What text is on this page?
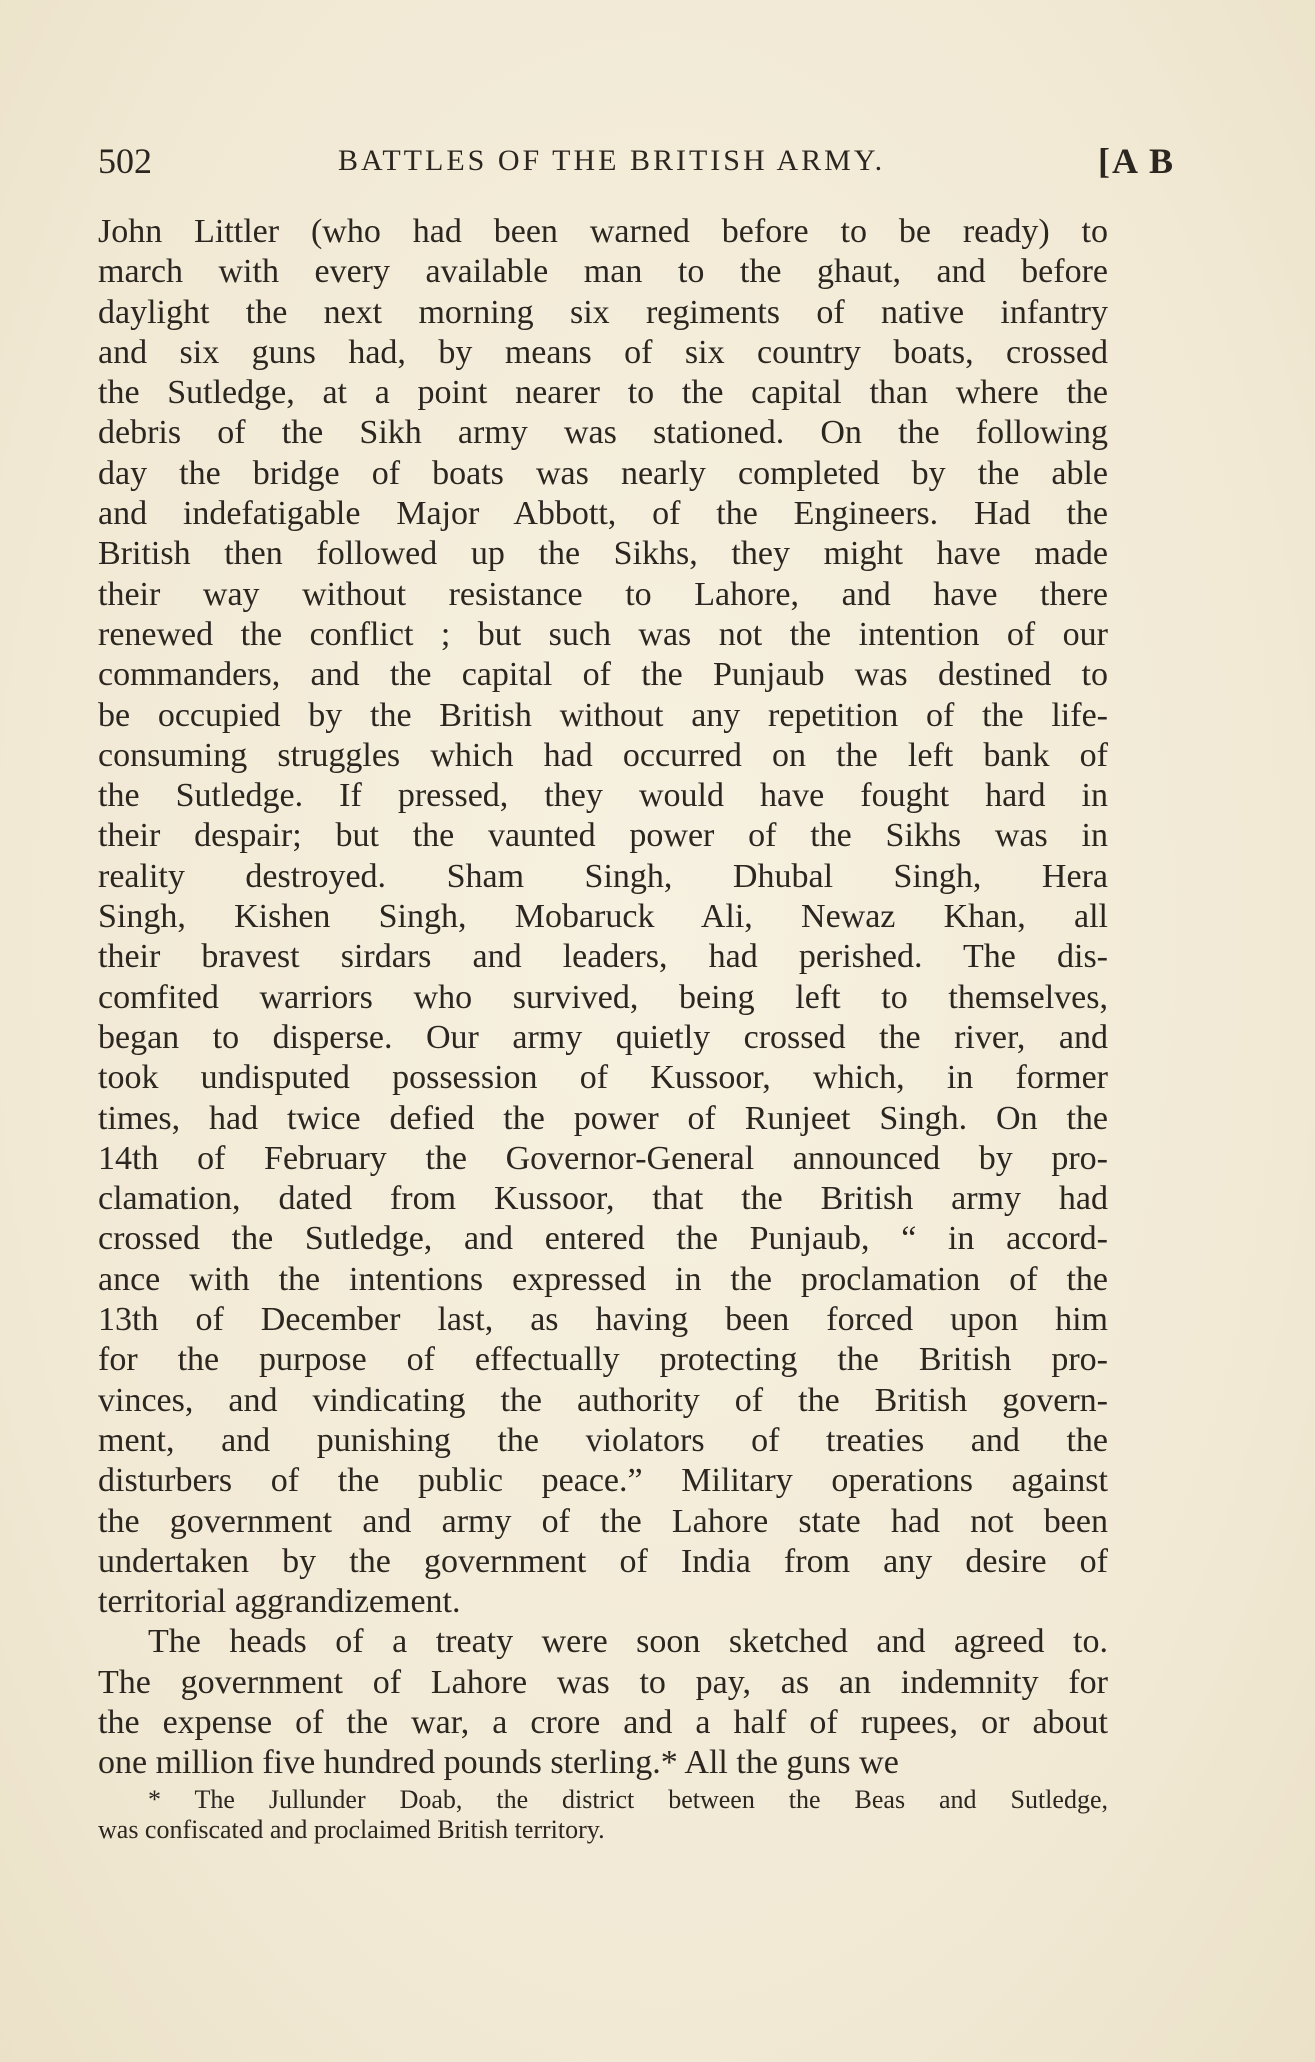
502	BATTLES OF THE BRITISH ARMY.	[A B
John Littler (who had been warned before to be ready) to
march with every available man to the ghaut, and before
daylight the next morning six regiments of native infantry
and six guns had, by means of six country boats, crossed
the Sutledge, at a point nearer to the capital than where the
debris of the Sikh army was stationed. On the following
day the bridge of boats was nearly completed by the able
and indefatigable Major Abbott, of the Engineers. Had the
British then followed up the Sikhs, they might have made
their way without resistance to Lahore, and have there
renewed the conflict ; but such was not the intention of our
commanders, and the capital of the Punjaub was destined to
be occupied by the British without any repetition of the life-
consuming struggles which had occurred on the left bank of
the Sutledge. If pressed, they would have fought hard in
their despair; but the vaunted power of the Sikhs was in
reality destroyed. Sham Singh, Dhubal Singh, Hera
Singh, Kishen Singh, Mobaruck Ali, Newaz Khan, all
their bravest sirdars and leaders, had perished. The dis-
comfited warriors who survived, being left to themselves,
began to disperse. Our army quietly crossed the river, and
took undisputed possession of Kussoor, which, in former
times, had twice defied the power of Runjeet Singh. On the
14th of February the Governor-General announced by pro-
clamation, dated from Kussoor, that the British army had
crossed the Sutledge, and entered the Punjaub, “ in accord-
ance with the intentions expressed in the proclamation of the
13th of December last, as having been forced upon him
for the purpose of effectually protecting the British pro-
vinces, and vindicating the authority of the British govern-
ment, and punishing the violators of treaties and the
disturbers of the public peace.” Military operations against
the government and army of the Lahore state had not been
undertaken by the government of India from any desire of
territorial aggrandizement.
The heads of a treaty were soon sketched and agreed to.
The government of Lahore was to pay, as an indemnity for
the expense of the war, a crore and a half of rupees, or about
one million five hundred pounds sterling.* All the guns we
* The Jullunder Doab, the district between the Beas and Sutledge,
was confiscated and proclaimed British territory.
